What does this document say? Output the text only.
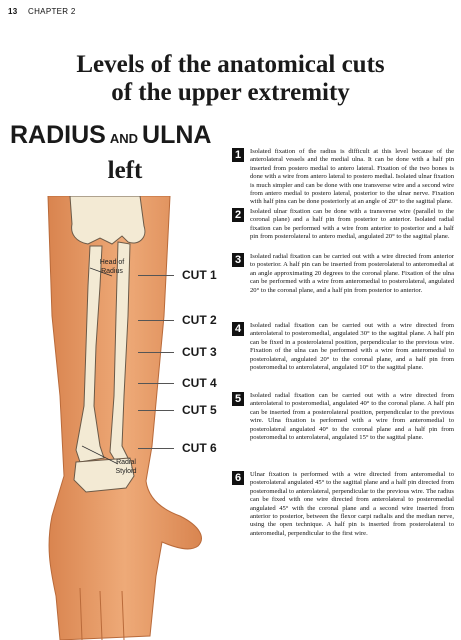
13 CHAPTER 2
Levels of the anatomical cuts
of the upper extremity
RADIUS AND ULNA
left
Head of Radius
Radial Styloid
CUT 1
CUT 2
CUT 3
CUT 4
CUT 5
CUT 6
1	Isolated fixation of the radius is difficult at this level because of the anterolateral vessels and the medial ulna. It can be done with a half pin inserted from postero medial to antero lateral. Fixation of the two bones is done with a wire from antero lateral to postero medial. Isolated ulnar fixation is much simpler and can be done with one transverse wire and a second wire from antero medial to postero lateral, posterior to the ulnar nerve. Fixation with half pins can be done posteriorly at an angle of 20° to the sagittal plane.
2	Isolated ulnar fixation can be done with a transverse wire (parallel to the coronal plane) and a half pin from posterior to anterior. Isolated radial fixation can be performed with a wire from anterior to posterior and a half pin from posterolateral to antero medial, angulated 20° to the sagittal plane.
3	Isolated radial fixation can be carried out with a wire directed from anterior to posterior. A half pin can be inserted from posterolateral to anteromedial at an angle approximating 20 degrees to the coronal plane. Fixation of the ulna can be performed with a wire from anteromedial to posterolateral, angulated 20° to the coronal plane, and a half pin from posterior to anterior.
4	Isolated radial fixation can be carried out with a wire directed from anterolateral to posteromedial, angulated 30° to the sagittal plane. A half pin can be fixed in a posterolateral position, perpendicular to the previous wire. Fixation of the ulna can be performed with a wire from anteromedial to posterolateral, angulated 20° to the coronal plane, and a half pin from posteromedial to anterolateral, angulated 10° to the sagittal plane.
5	Isolated radial fixation can be carried out with a wire directed from anterolateral to posteromedial, angulated 40° to the coronal plane. A half pin can be inserted from a posterolateral position, perpendicular to the previous wire. Ulna fixation is performed with a wire from anteromedial to posterolateral angulated 40° to the coronal plane and a half pin from posteromedial to anterolateral, angulated 15° to the sagittal plane.
6	Ulnar fixation is performed with a wire directed from anteromedial to posterolateral angulated 45° to the sagittal plane and a half pin directed from posteromedial to anterolateral, perpendicular to the previous wire. The radius can be fixed with one wire directed from anterolateral to posteromedial angulated 45° with the coronal plane and a second wire inserted from anterior to posterior, between the flexor carpi radialis and the median nerve, using the open technique. A half pin is inserted from posterolateral to anteromedial, perpendicular to the first wire.
